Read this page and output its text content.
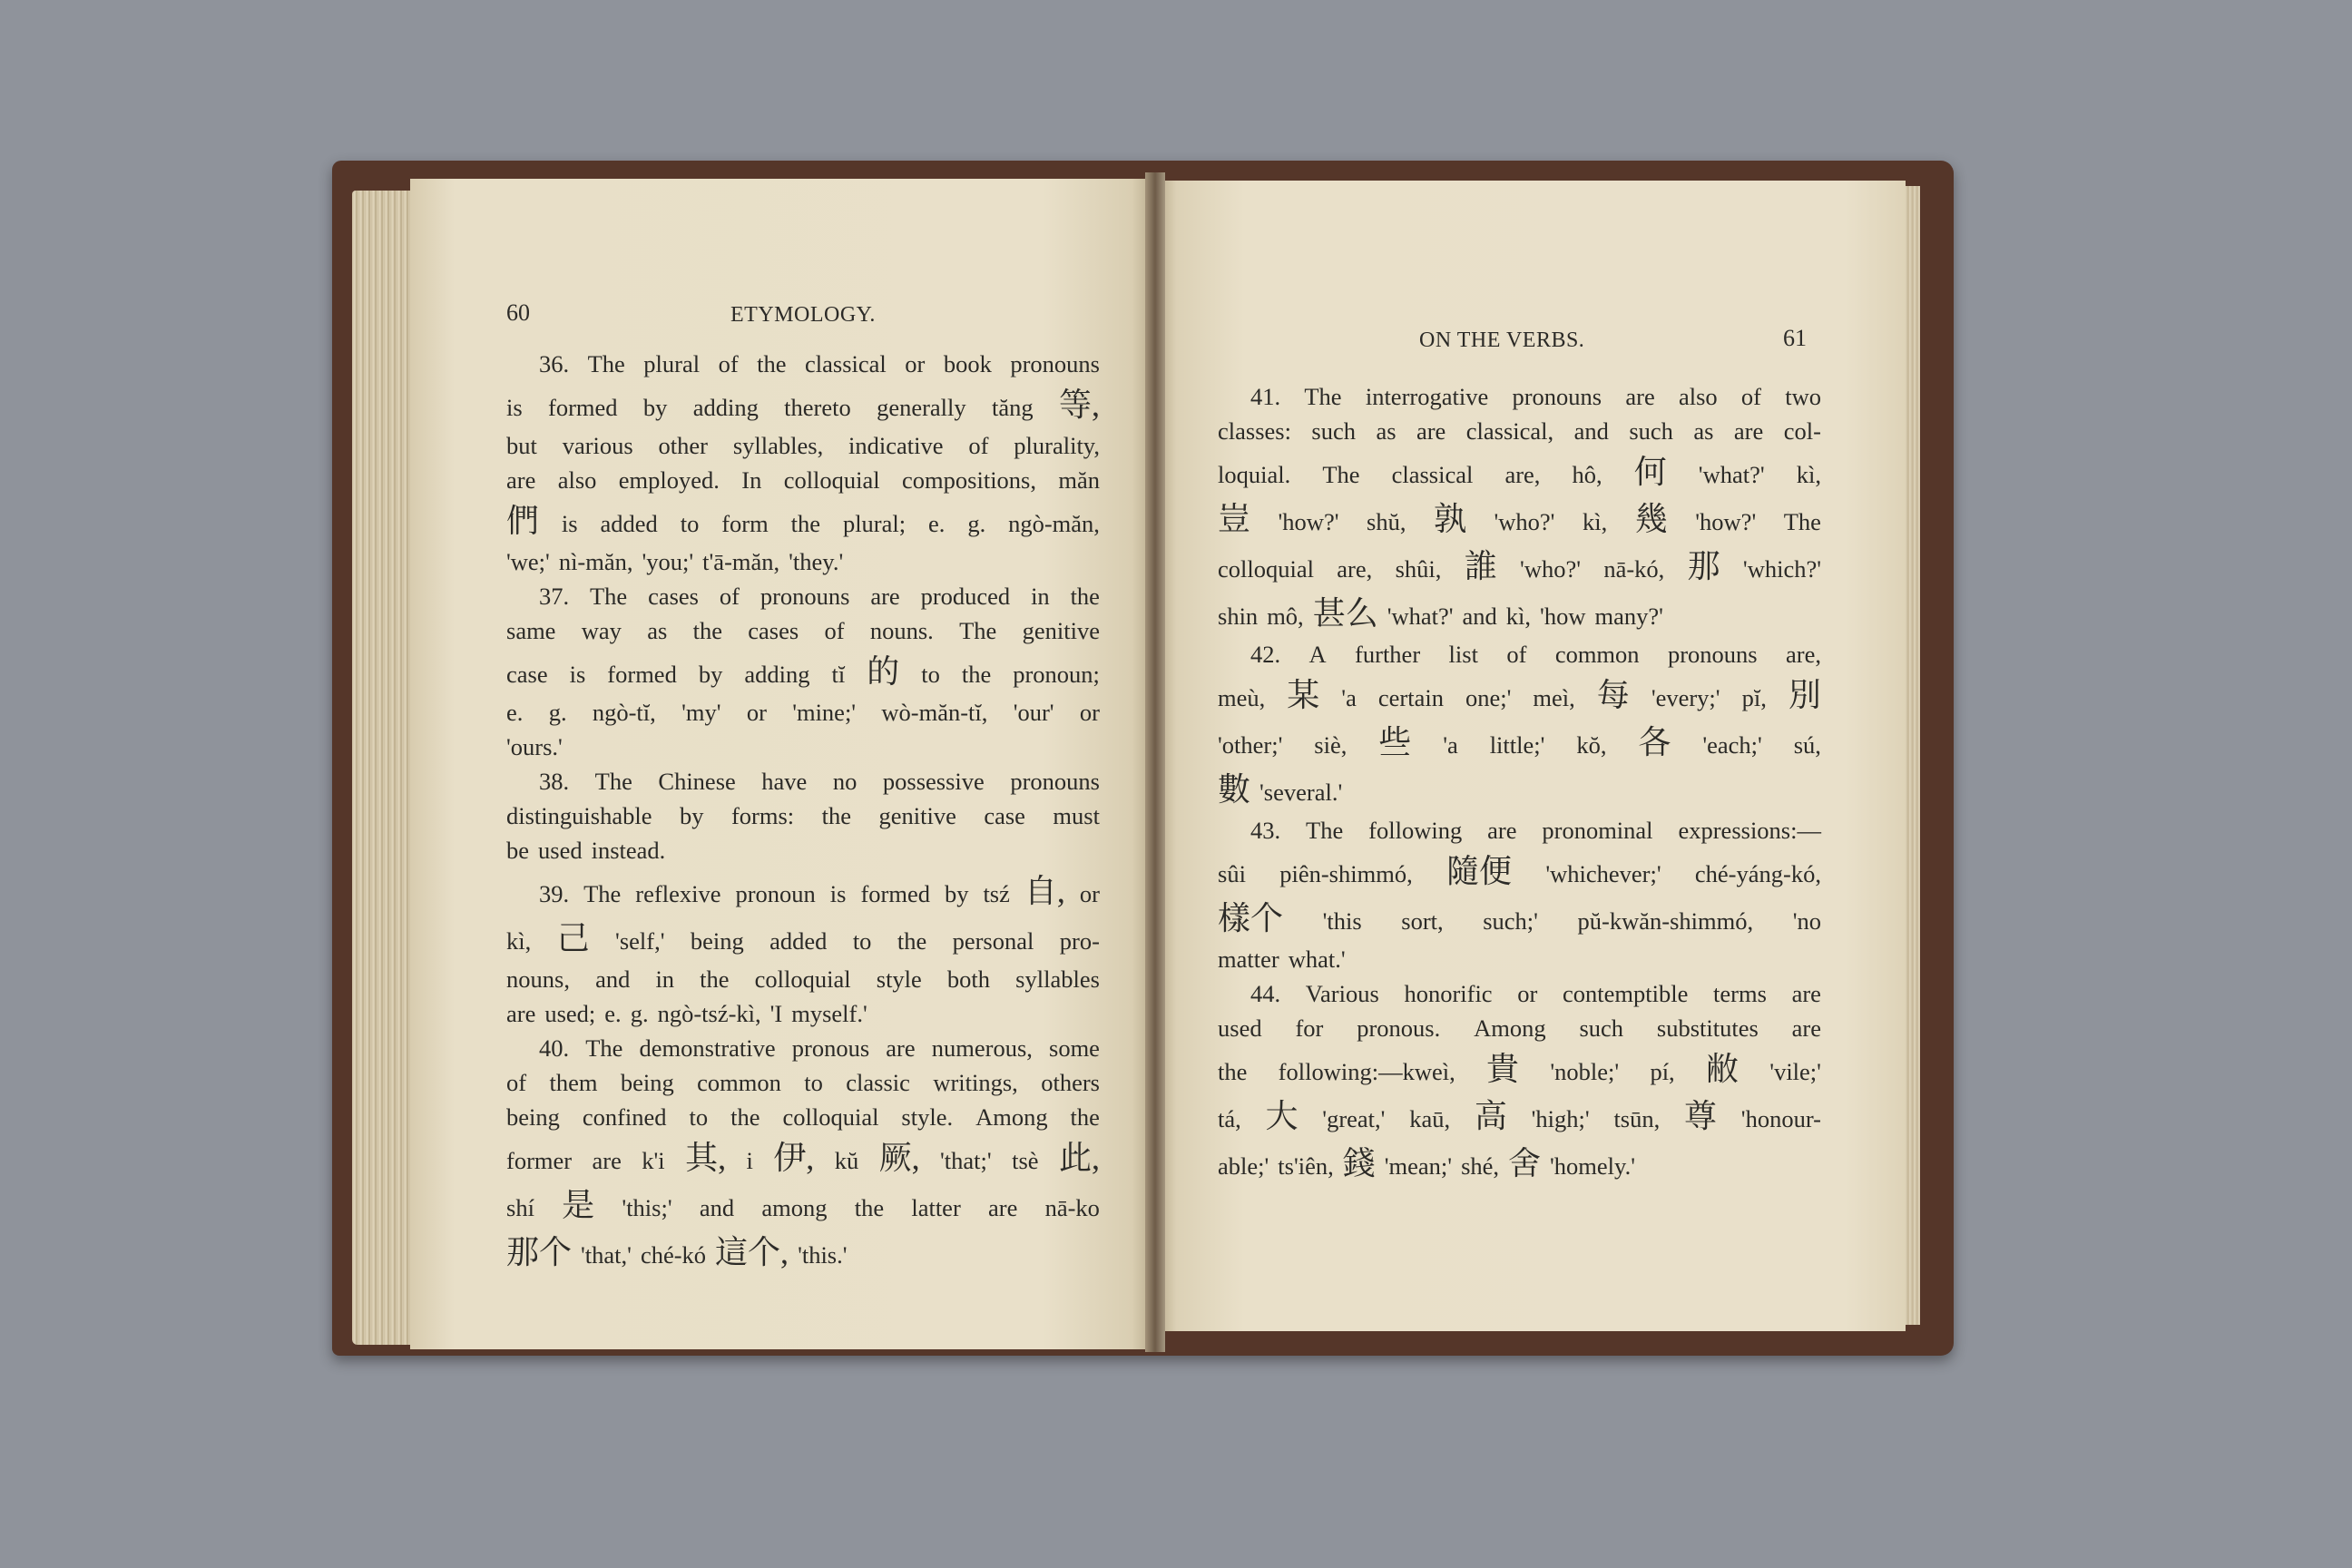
60	ETYMOLOGY.
ON THE VERBS.	61
36. The plural of the classical or book pronouns
is formed by adding thereto generally tăng 等,
but various other syllables, indicative of plurality,
are also employed. In colloquial compositions, măn
們 is added to form the plural; e. g. ngò-măn,
'we;' nì-măn, 'you;' t'ā-măn, 'they.'
37. The cases of pronouns are produced in the
same way as the cases of nouns. The genitive
case is formed by adding tĭ 的 to the pronoun;
e. g. ngò-tĭ, 'my' or 'mine;' wò-măn-tĭ, 'our' or
'ours.'
38. The Chinese have no possessive pronouns
distinguishable by forms: the genitive case must
be used instead.
39. The reflexive pronoun is formed by tsź 自, or
kì, 己 'self,' being added to the personal pro-
nouns, and in the colloquial style both syllables
are used; e. g. ngò-tsź-kì, 'I myself.'
40. The demonstrative pronous are numerous, some
of them being common to classic writings, others
being confined to the colloquial style. Among the
former are k'i 其, i 伊, kŭ 厥, 'that;' tsè 此,
shí 是 'this;' and among the latter are nā-ko
那个 'that,' ché-kó 這个, 'this.'
41. The interrogative pronouns are also of two
classes: such as are classical, and such as are col-
loquial. The classical are, hô, 何 'what?' kì,
豈 'how?' shŭ, 孰 'who?' kì, 幾 'how?' The
colloquial are, shûi, 誰 'who?' nā-kó, 那 'which?'
shin mô, 甚么 'what?' and kì, 'how many?'
42. A further list of common pronouns are,
meù, 某 'a certain one;' meì, 每 'every;' pĭ, 別
'other;' siè, 些 'a little;' kŏ, 各 'each;' sú,
數 'several.'
43. The following are pronominal expressions:—
sûi piên-shimmó, 隨便 'whichever;' ché-yáng-kó,
樣个 'this sort, such;' pŭ-kwăn-shimmó, 'no
matter what.'
44. Various honorific or contemptible terms are
used for pronous. Among such substitutes are
the following:—kweì, 貴 'noble;' pí, 敝 'vile;'
tá, 大 'great,' kaū, 高 'high;' tsūn, 尊 'honour-
able;' ts'iên, 錢 'mean;' shé, 舍 'homely.'
